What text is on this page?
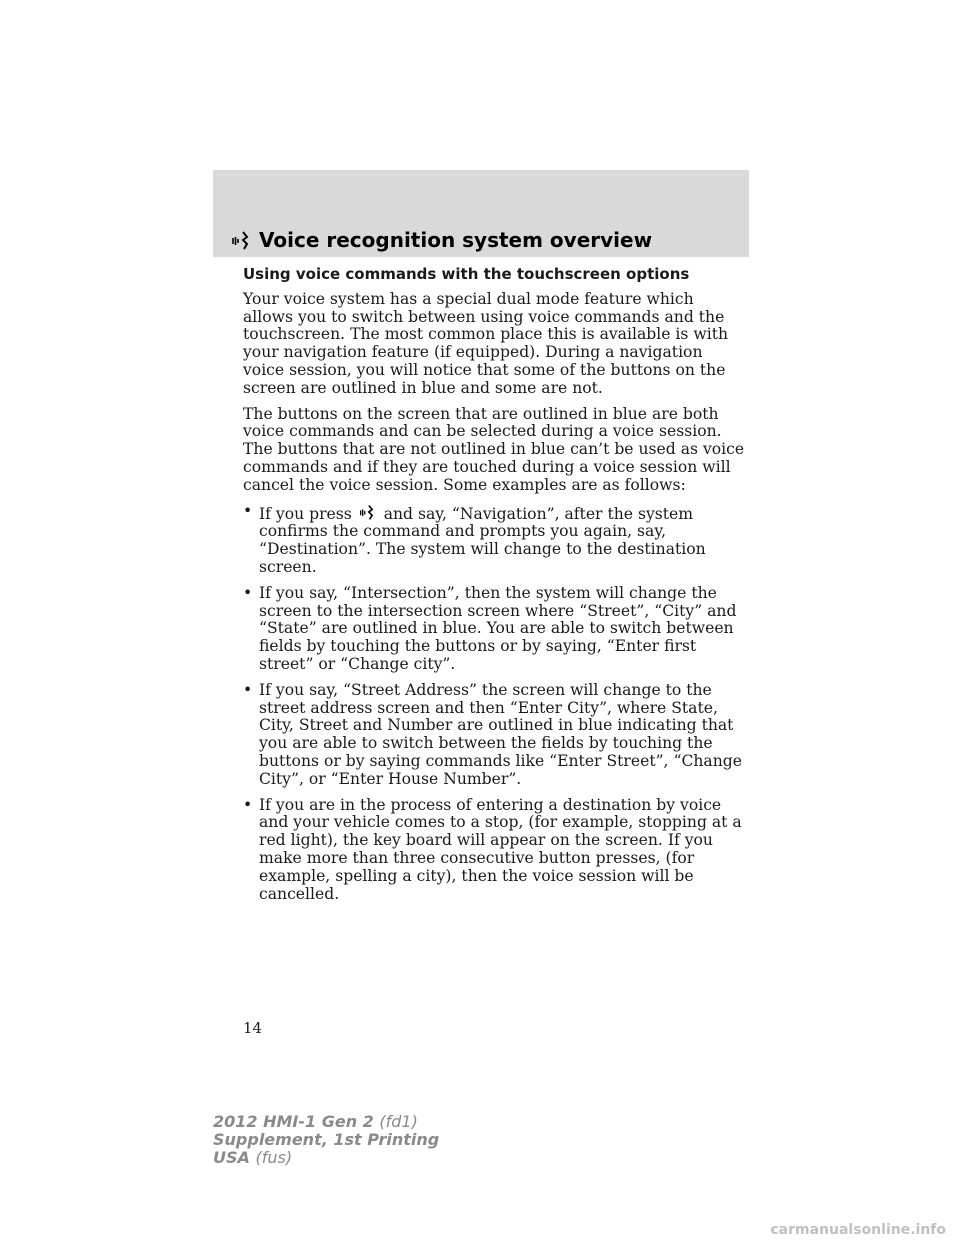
Voice recognition system overview
Using voice commands with the touchscreen options

Your voice system has a special dual mode feature which allows you to switch between using voice commands and the touchscreen. The most common place this is available is with your navigation feature (if equipped). During a navigation voice session, you will notice that some of the buttons on the screen are outlined in blue and some are not.

The buttons on the screen that are outlined in blue are both voice commands and can be selected during a voice session. The buttons that are not outlined in blue can’t be used as voice commands and if they are touched during a voice session will cancel the voice session. Some examples are as follows:

• If you press and say, “Navigation”, after the system confirms the command and prompts you again, say, “Destination”. The system will change to the destination screen.
• If you say, “Intersection”, then the system will change the screen to the intersection screen where “Street”, “City” and “State” are outlined in blue. You are able to switch between fields by touching the buttons or by saying, “Enter first street” or “Change city”.
• If you say, “Street Address” the screen will change to the street address screen and then “Enter City”, where State, City, Street and Number are outlined in blue indicating that you are able to switch between the fields by touching the buttons or by saying commands like “Enter Street”, “Change City”, or “Enter House Number”.
• If you are in the process of entering a destination by voice and your vehicle comes to a stop, (for example, stopping at a red light), the key board will appear on the screen. If you make more than three consecutive button presses, (for example, spelling a city), then the voice session will be cancelled.
14
2012 HMI-1 Gen 2 (fd1)
Supplement, 1st Printing
USA (fus)
carmanualsonline.info
